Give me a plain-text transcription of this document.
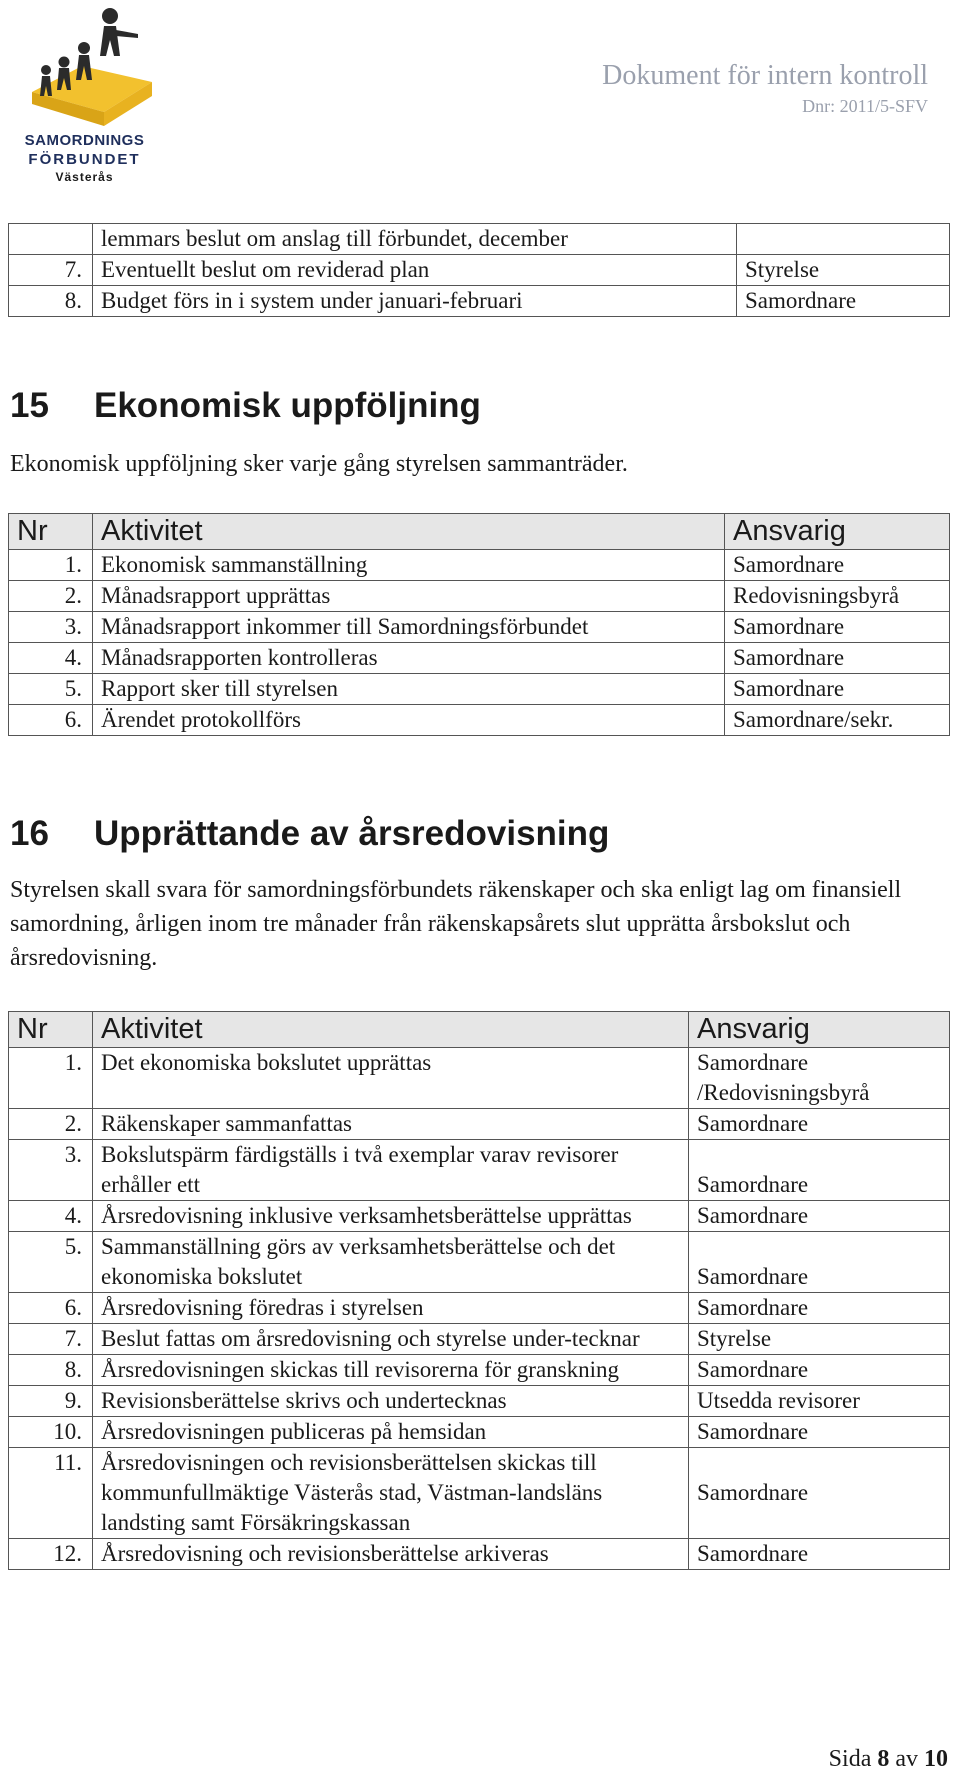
SAMORDNINGS
FÖRBUNDET
Västerås
Dokument för intern kontroll
Dnr: 2011/5-SFV
	lemmars beslut om anslag till förbundet, december	
7.	Eventuellt beslut om reviderad plan	Styrelse
8.	Budget förs in i system under januari-februari	Samordnare
15 Ekonomisk uppföljning
Ekonomisk uppföljning sker varje gång styrelsen sammanträder.
Nr	Aktivitet	Ansvarig
1.	Ekonomisk sammanställning	Samordnare
2.	Månadsrapport upprättas	Redovisningsbyrå
3.	Månadsrapport inkommer till Samordningsförbundet	Samordnare
4.	Månadsrapporten kontrolleras	Samordnare
5.	Rapport sker till styrelsen	Samordnare
6.	Ärendet protokollförs	Samordnare/sekr.
16 Upprättande av årsredovisning
Styrelsen skall svara för samordningsförbundets räkenskaper och ska enligt lag om finansiell samordning, årligen inom tre månader från räkenskapsårets slut upprätta årsbokslut och årsredovisning.
Nr	Aktivitet	Ansvarig
1.	Det ekonomiska bokslutet upprättas	Samordnare /Redovisningsbyrå
2.	Räkenskaper sammanfattas	Samordnare
3.	Bokslutspärm färdigställs i två exemplar varav revisorer erhåller ett	Samordnare
4.	Årsredovisning inklusive verksamhetsberättelse upprättas	Samordnare
5.	Sammanställning görs av verksamhetsberättelse och det ekonomiska bokslutet	Samordnare
6.	Årsredovisning föredras i styrelsen	Samordnare
7.	Beslut fattas om årsredovisning och styrelse under-tecknar	Styrelse
8.	Årsredovisningen skickas till revisorerna för granskning	Samordnare
9.	Revisionsberättelse skrivs och undertecknas	Utsedda revisorer
10.	Årsredovisningen publiceras på hemsidan	Samordnare
11.	Årsredovisningen och revisionsberättelsen skickas till kommunfullmäktige Västerås stad, Västman-landsläns landsting samt Försäkringskassan	Samordnare
12.	Årsredovisning och revisionsberättelse arkiveras	Samordnare
Sida 8 av 10
